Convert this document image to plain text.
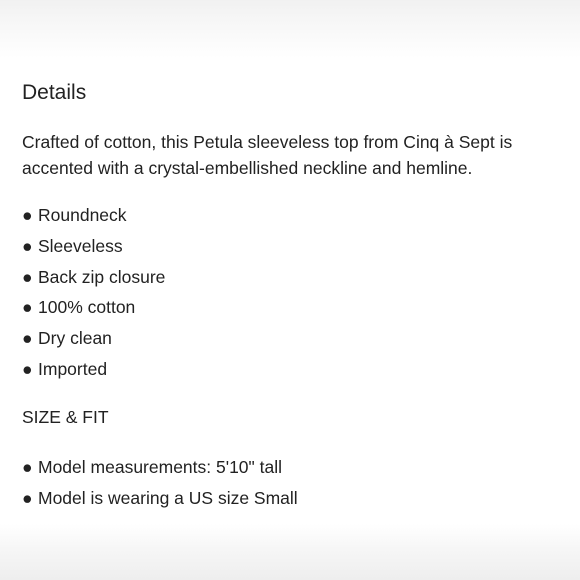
Details

Crafted of cotton, this Petula sleeveless top from Cinq à Sept is accented with a crystal-embellished neckline and hemline.

● Roundneck
● Sleeveless
● Back zip closure
● 100% cotton
● Dry clean
● Imported
SIZE & FIT
● Model measurements: 5'10" tall
● Model is wearing a US size Small
